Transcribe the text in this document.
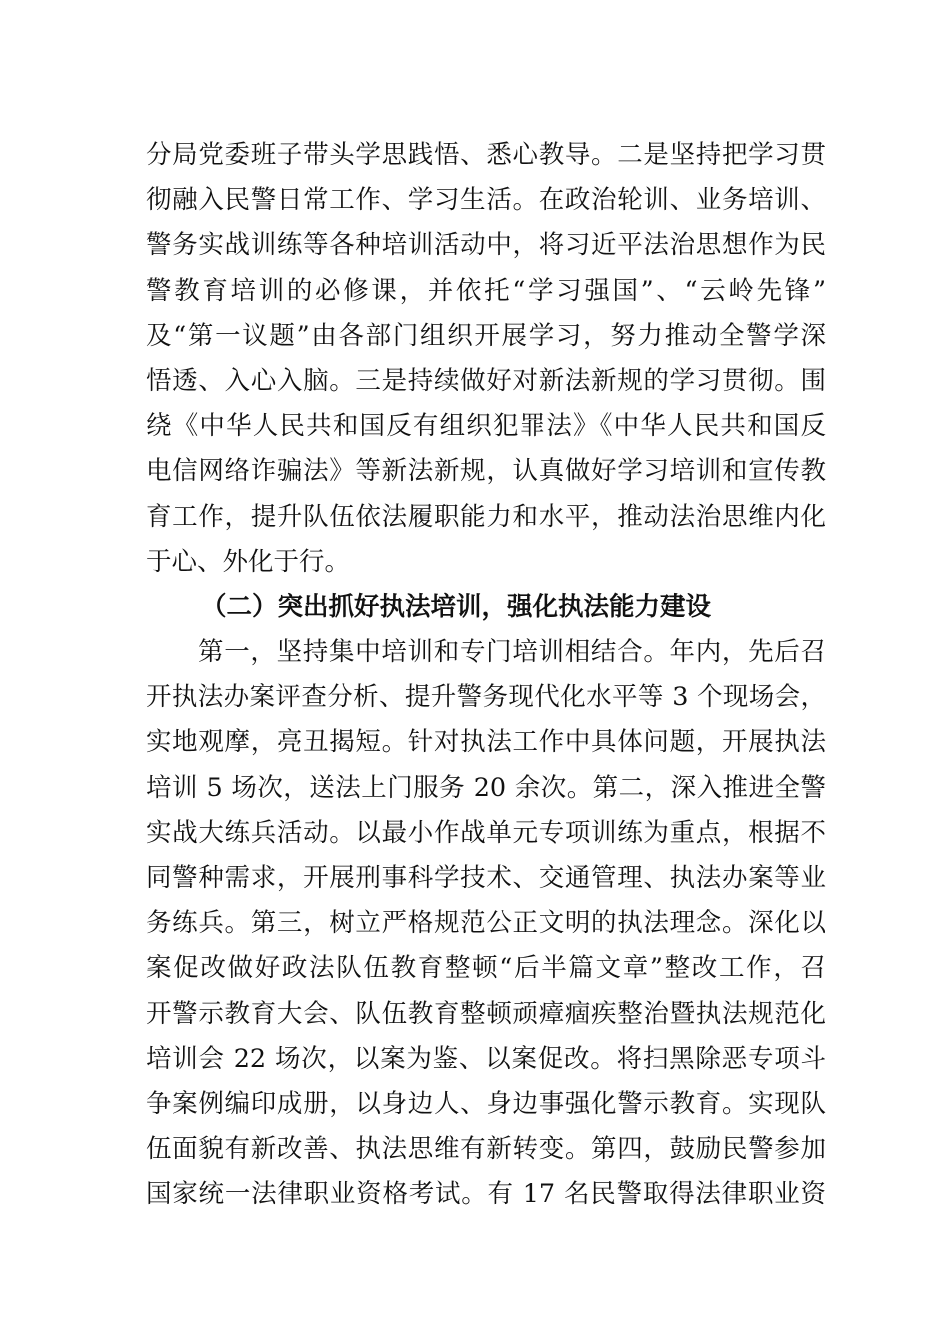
分局党委班子带头学思践悟、悉心教导。二是坚持把学习贯
彻融入民警日常工作、学习生活。在政治轮训、业务培训、
警务实战训练等各种培训活动中，将习近平法治思想作为民
警教育培训的必修课，并依托“学习强国”、“云岭先锋”
及“第一议题”由各部门组织开展学习，努力推动全警学深
悟透、入心入脑。三是持续做好对新法新规的学习贯彻。围
绕《中华人民共和国反有组织犯罪法》《中华人民共和国反
电信网络诈骗法》等新法新规，认真做好学习培训和宣传教
育工作，提升队伍依法履职能力和水平，推动法治思维内化
于心、外化于行。
（二）突出抓好执法培训，强化执法能力建设
第一，坚持集中培训和专门培训相结合。年内，先后召
开执法办案评查分析、提升警务现代化水平等 3 个现场会，
实地观摩，亮丑揭短。针对执法工作中具体问题，开展执法
培训 5 场次，送法上门服务 20 余次。第二，深入推进全警
实战大练兵活动。以最小作战单元专项训练为重点，根据不
同警种需求，开展刑事科学技术、交通管理、执法办案等业
务练兵。第三，树立严格规范公正文明的执法理念。深化以
案促改做好政法队伍教育整顿“后半篇文章”整改工作，召
开警示教育大会、队伍教育整顿顽瘴痼疾整治暨执法规范化
培训会 22 场次，以案为鉴、以案促改。将扫黑除恶专项斗
争案例编印成册，以身边人、身边事强化警示教育。实现队
伍面貌有新改善、执法思维有新转变。第四，鼓励民警参加
国家统一法律职业资格考试。有 17 名民警取得法律职业资
